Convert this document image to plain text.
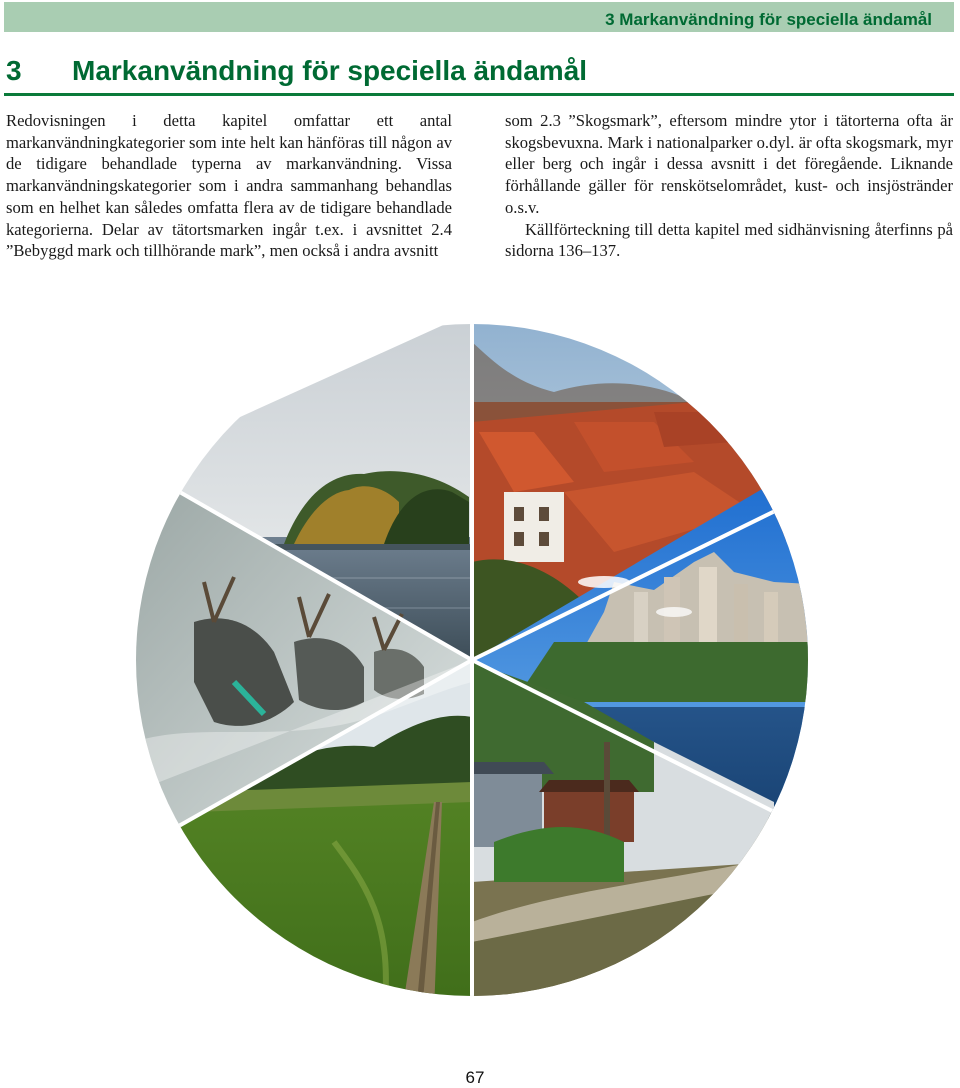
3 Markanvändning för speciella ändamål
3 Markanvändning för speciella ändamål

Redovisningen i detta kapitel omfattar ett antal markanvändningkategorier som inte helt kan hänföras till någon av de tidigare behandlade typerna av markanvändning. Vissa markanvändningskategorier som i andra sammanhang behandlas som en helhet kan således omfatta flera av de tidigare behandlade kategorierna. Delar av tätortsmarken ingår t.ex. i avsnittet 2.4 ”Bebyggd mark och tillhörande mark”, men också i andra avsnitt

som 2.3 ”Skogsmark”, eftersom mindre ytor i tätorterna ofta är skogsbevuxna. Mark i nationalparker o.dyl. är ofta skogsmark, myr eller berg och ingår i dessa avsnitt i det föregående. Liknande förhållande gäller för renskötselområdet, kust- och insjöstränder o.s.v.

Källförteckning till detta kapitel med sidhänvisning återfinns på sidorna 136–137.

67
